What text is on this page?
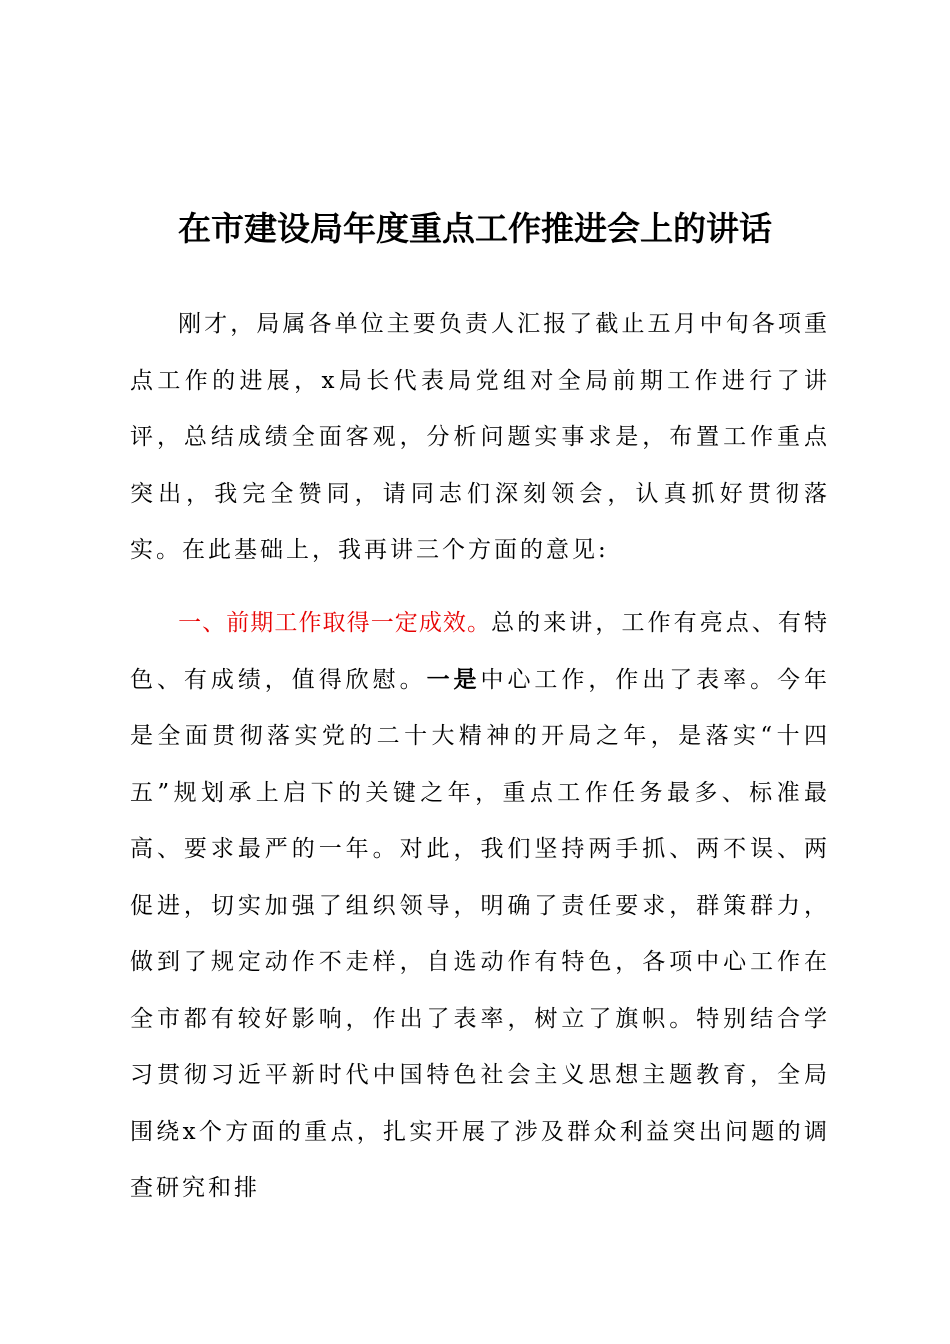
在市建设局年度重点工作推进会上的讲话
刚才，局属各单位主要负责人汇报了截止五月中旬各项重点工作的进展，x局长代表局党组对全局前期工作进行了讲评，总结成绩全面客观，分析问题实事求是，布置工作重点突出，我完全赞同，请同志们深刻领会，认真抓好贯彻落实。在此基础上，我再讲三个方面的意见:
一、前期工作取得一定成效。总的来讲，工作有亮点、有特色、有成绩，值得欣慰。一是中心工作，作出了表率。今年是全面贯彻落实党的二十大精神的开局之年，是落实“十四五”规划承上启下的关键之年，重点工作任务最多、标准最高、要求最严的一年。对此，我们坚持两手抓、两不误、两促进，切实加强了组织领导，明确了责任要求，群策群力，做到了规定动作不走样，自选动作有特色，各项中心工作在全市都有较好影响，作出了表率，树立了旗帜。特别结合学习贯彻习近平新时代中国特色社会主义思想主题教育，全局围绕x个方面的重点，扎实开展了涉及群众利益突出问题的调查研究和排
